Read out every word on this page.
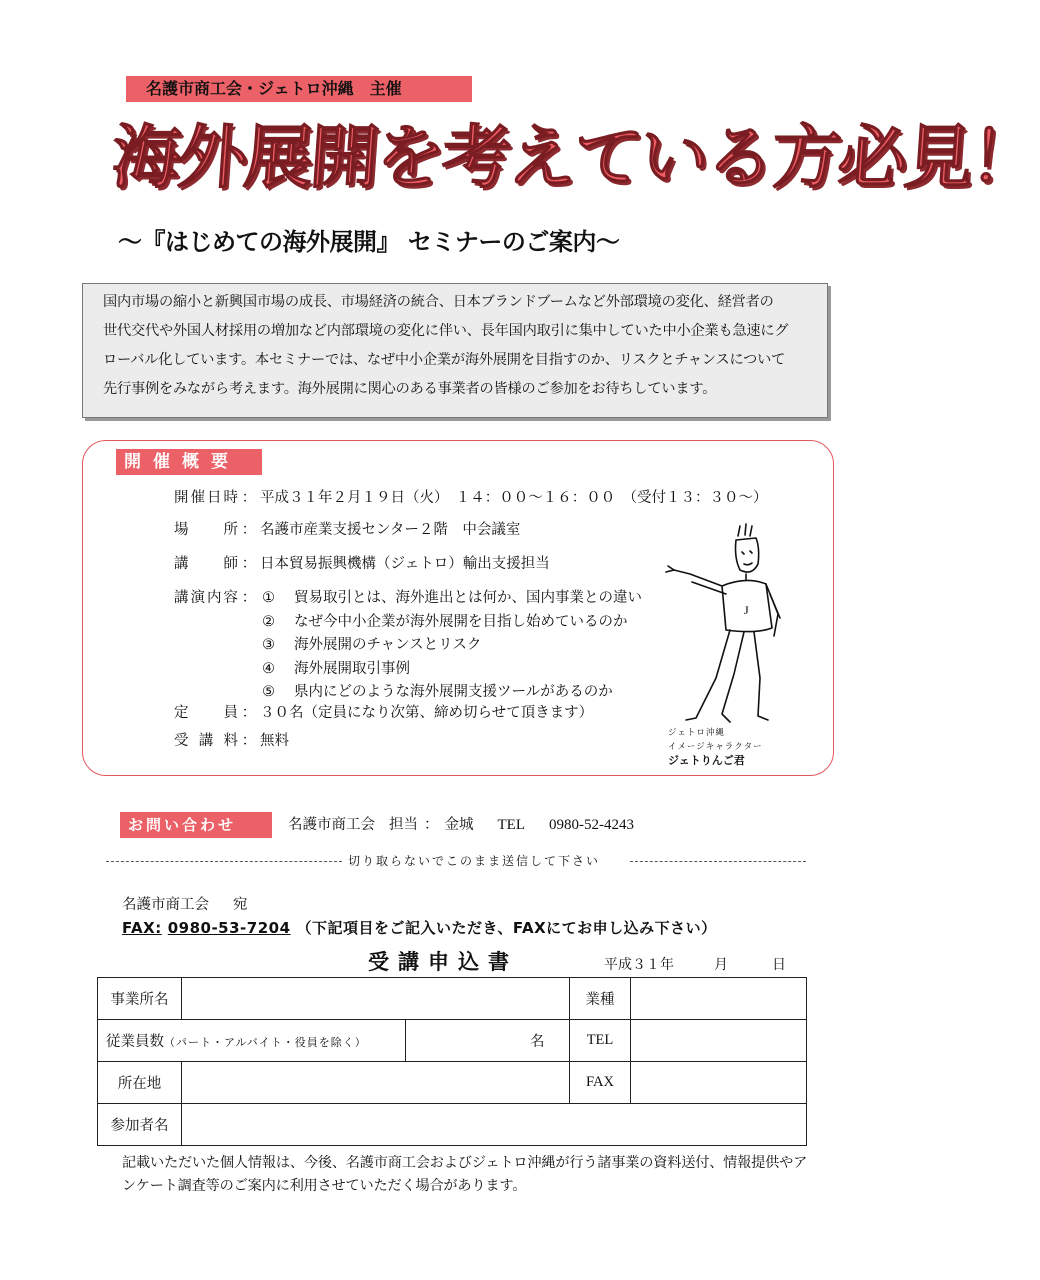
名護市商工会・ジェトロ沖縄　主催
海外展開を考えている方必見！
〜『はじめての海外展開』 セミナーのご案内〜

国内市場の縮小と新興国市場の成長、市場経済の統合、日本ブランドブームなど外部環境の変化、経営者の

世代交代や外国人材採用の増加など内部環境の変化に伴い、長年国内取引に集中していた中小企業も急速にグ

ローバル化しています。本セミナーでは、なぜ中小企業が海外展開を目指すのか、リスクとチャンスについて

先行事例をみながら考えます。海外展開に関心のある事業者の皆様のご参加をお待ちしています。

開催概要
開催日時 ： 平成３１年２月１９日（火）　１４：００〜１６：００　（受付１３：３０〜）
場所 ： 名護市産業支援センター２階　中会議室
講師 ： 日本貿易振興機構（ジェトロ）輸出支援担当
講演内容 ： ① 貿易取引とは、海外進出とは何か、国内事業との違い
② なぜ今中小企業が海外展開を目指し始めているのか
③ 海外展開のチャンスとリスク
④ 海外展開取引事例
⑤ 県内にどのような海外展開支援ツールがあるのか
定員 ： ３０名（定員になり次第、締め切らせて頂きます）
受講料 ： 無料
J
ジェトロ沖縄
イメージキャラクター
ジェトりんご君
お問い合わせ	名護市商工会 担当 ： 金城 TEL 0980-52-4243
切り取らないでこのまま送信して下さい
名護市商工会 宛
FAX: 0980-53-7204 （下記項目をご記入いただき、FAXにてお申し込み下さい）
受講申込書	平成３１年	月	日
事業所名			業種	
従業員数（パート・アルバイト・役員を除く）		名	TEL	
所在地			FAX	
参加者名				
記載いただいた個人情報は、今後、名護市商工会およびジェトロ沖縄が行う諸事業の資料送付、情報提供やアンケート調査等のご案内に利用させていただく場合があります。
